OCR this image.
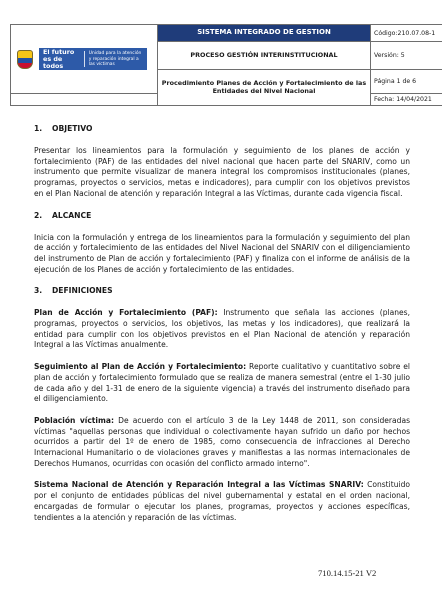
El futuro es de todos
Unidad para la atención y reparación integral a las víctimas	SISTEMA INTEGRADO DE GESTION	Código:210.07.08-1
	PROCESO GESTIÓN INTERINSTITUCIONAL	Versión: 5
	Procedimiento Planes de Acción y Fortalecimiento de las Entidades del Nivel Nacional	Página 1 de 6
		Fecha: 14/04/2021
1. OBJETIVO

Presentar los lineamientos para la formulación y seguimiento de los planes de acción y fortalecimiento (PAF) de las entidades del nivel nacional que hacen parte del SNARIV, como un instrumento que permite visualizar de manera integral los compromisos institucionales (planes, programas, proyectos o servicios, metas e indicadores), para cumplir con los objetivos previstos en el Plan Nacional de atención y reparación Integral a las Víctimas, durante cada vigencia fiscal.

2. ALCANCE

Inicia con la formulación y entrega de los lineamientos para la formulación y seguimiento del plan de acción y fortalecimiento de las entidades del Nivel Nacional del SNARIV con el diligenciamiento del instrumento de Plan de acción y fortalecimiento (PAF) y finaliza con el informe de análisis de la ejecución de los Planes de acción y fortalecimiento de las entidades.

3. DEFINICIONES

Plan de Acción y Fortalecimiento (PAF): Instrumento que señala las acciones (planes, programas, proyectos o servicios, los objetivos, las metas y los indicadores), que realizará la entidad para cumplir con los objetivos previstos en el Plan Nacional de atención y reparación Integral a las Víctimas anualmente.

Seguimiento al Plan de Acción y Fortalecimiento: Reporte cualitativo y cuantitativo sobre el plan de acción y fortalecimiento formulado que se realiza de manera semestral (entre el 1-30 julio de cada año y del 1-31 de enero de la siguiente vigencia) a través del instrumento diseñado para el diligenciamiento.

Población víctima: De acuerdo con el artículo 3 de la Ley 1448 de 2011, son consideradas víctimas "aquellas personas que individual o colectivamente hayan sufrido un daño por hechos ocurridos a partir del 1º de enero de 1985, como consecuencia de infracciones al Derecho Internacional Humanitario o de violaciones graves y manifiestas a las normas internacionales de Derechos Humanos, ocurridas con ocasión del conflicto armado interno".

Sistema Nacional de Atención y Reparación Integral a las Víctimas SNARIV: Constituido por el conjunto de entidades públicas del nivel gubernamental y estatal en el orden nacional, encargadas de formular o ejecutar los planes, programas, proyectos y acciones específicas, tendientes a la atención y reparación de las víctimas.

710.14.15-21 V2
